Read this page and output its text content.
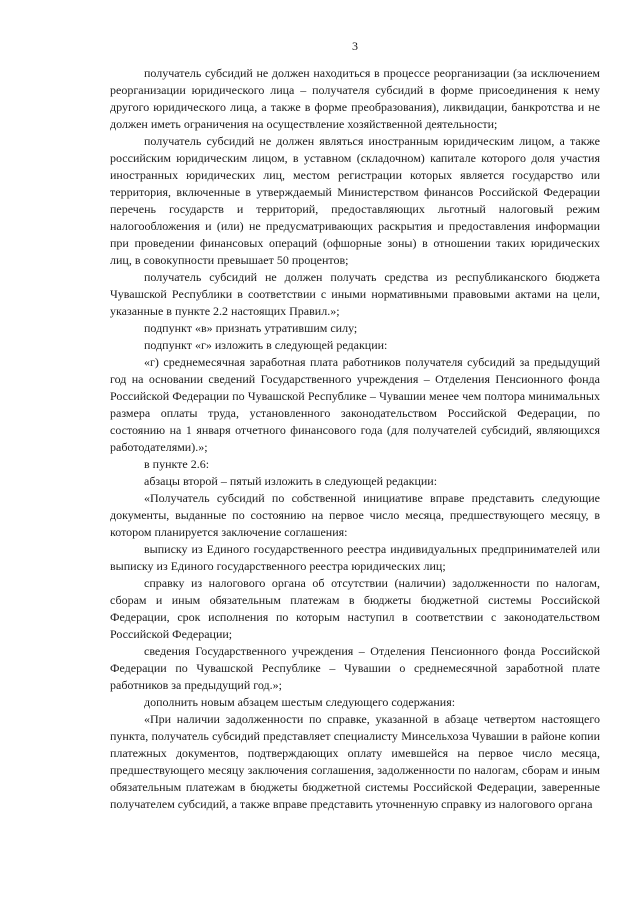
3

получатель субсидий не должен находиться в процессе реорганизации (за исключением реорганизации юридического лица – получателя субсидий в форме присоединения к нему другого юридического лица, а также в форме преобразования), ликвидации, банкротства и не должен иметь ограничения на осуществление хозяйственной деятельности;

получатель субсидий не должен являться иностранным юридическим лицом, а также российским юридическим лицом, в уставном (складочном) капитале которого доля участия иностранных юридических лиц, местом регистрации которых является государство или территория, включенные в утверждаемый Министерством финансов Российской Федерации перечень государств и территорий, предоставляющих льготный налоговый режим налогообложения и (или) не предусматривающих раскрытия и предоставления информации при проведении финансовых операций (офшорные зоны) в отношении таких юридических лиц, в совокупности превышает 50 процентов;

получатель субсидий не должен получать средства из республиканского бюджета Чувашской Республики в соответствии с иными нормативными правовыми актами на цели, указанные в пункте 2.2 настоящих Правил.»;

подпункт «в» признать утратившим силу;

подпункт «г» изложить в следующей редакции:

«г) среднемесячная заработная плата работников получателя субсидий за предыдущий год на основании сведений Государственного учреждения – Отделения Пенсионного фонда Российской Федерации по Чувашской Республике – Чувашии менее чем полтора минимальных размера оплаты труда, установленного законодательством Российской Федерации, по состоянию на 1 января отчетного финансового года (для получателей субсидий, являющихся работодателями).»;

в пункте 2.6:

абзацы второй – пятый изложить в следующей редакции:

«Получатель субсидий по собственной инициативе вправе представить следующие документы, выданные по состоянию на первое число месяца, предшествующего месяцу, в котором планируется заключение соглашения:

выписку из Единого государственного реестра индивидуальных предпринимателей или выписку из Единого государственного реестра юридических лиц;

справку из налогового органа об отсутствии (наличии) задолженности по налогам, сборам и иным обязательным платежам в бюджеты бюджетной системы Российской Федерации, срок исполнения по которым наступил в соответствии с законодательством Российской Федерации;

сведения Государственного учреждения – Отделения Пенсионного фонда Российской Федерации по Чувашской Республике – Чувашии о среднемесячной заработной плате работников за предыдущий год.»;

дополнить новым абзацем шестым следующего содержания:

«При наличии задолженности по справке, указанной в абзаце четвертом настоящего пункта, получатель субсидий представляет специалисту Минсельхоза Чувашии в районе копии платежных документов, подтверждающих оплату имевшейся на первое число месяца, предшествующего месяцу заключения соглашения, задолженности по налогам, сборам и иным обязательным платежам в бюджеты бюджетной системы Российской Федерации, заверенные получателем субсидий, а также вправе представить уточненную справку из налогового органа
